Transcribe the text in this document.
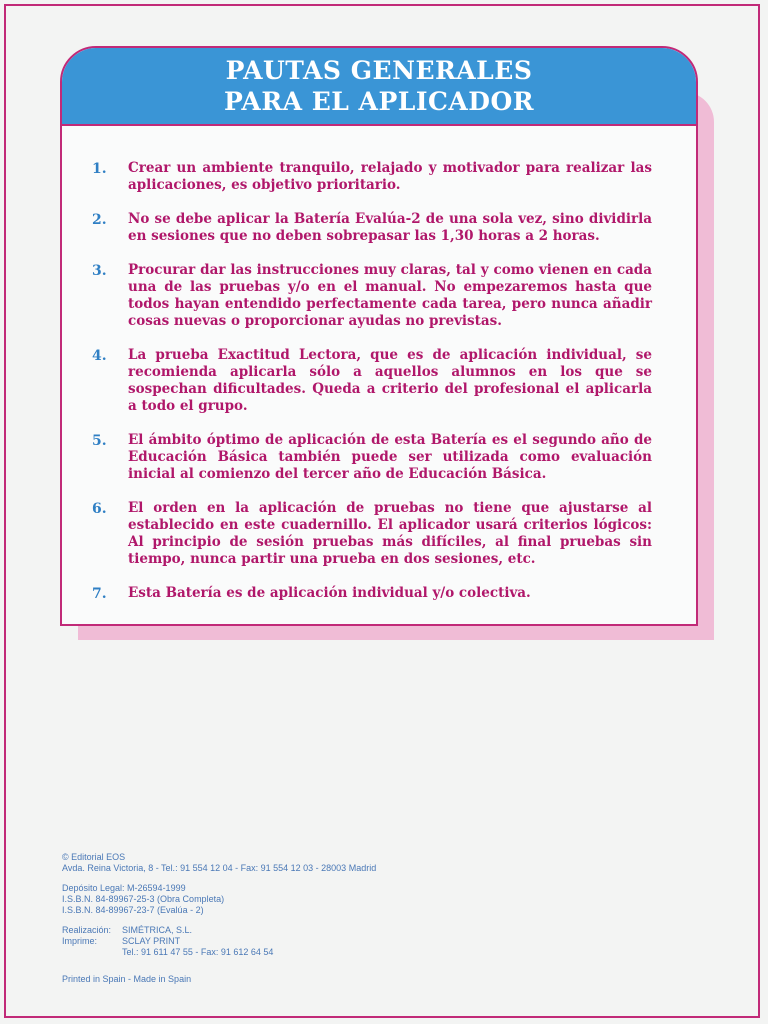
PAUTAS GENERALES
PARA EL APLICADOR
1.	Crear un ambiente tranquilo, relajado y motivador para realizar las aplicaciones, es objetivo prioritario.
2.	No se debe aplicar la Batería Evalúa-2 de una sola vez, sino dividirla en sesiones que no deben sobrepasar las 1,30 horas a 2 horas.
3.	Procurar dar las instrucciones muy claras, tal y como vienen en cada una de las pruebas y/o en el manual. No empezaremos hasta que todos hayan entendido perfectamente cada tarea, pero nunca añadir cosas nuevas o proporcionar ayudas no previstas.
4.	La prueba Exactitud Lectora, que es de aplicación individual, se recomienda aplicarla sólo a aquellos alumnos en los que se sospechan dificultades. Queda a criterio del profesional el aplicarla a todo el grupo.
5.	El ámbito óptimo de aplicación de esta Batería es el segundo año de Educación Básica también puede ser utilizada como evaluación inicial al comienzo del tercer año de Educación Básica.
6.	El orden en la aplicación de pruebas no tiene que ajustarse al establecido en este cuadernillo. El aplicador usará criterios lógicos: Al principio de sesión pruebas más difíciles, al final pruebas sin tiempo, nunca partir una prueba en dos sesiones, etc.
7.	Esta Batería es de aplicación individual y/o colectiva.
© Editorial EOS
Avda. Reina Victoria, 8 - Tel.: 91 554 12 04 - Fax: 91 554 12 03 - 28003 Madrid
Depósito Legal: M-26594-1999
I.S.B.N. 84-89967-25-3 (Obra Completa)
I.S.B.N. 84-89967-23-7 (Evalúa - 2)
Realización:	SIMÉTRICA, S.L.
Imprime:	SCLAY PRINT
Tel.: 91 611 47 55 - Fax: 91 612 64 54
Printed in Spain - Made in Spain
